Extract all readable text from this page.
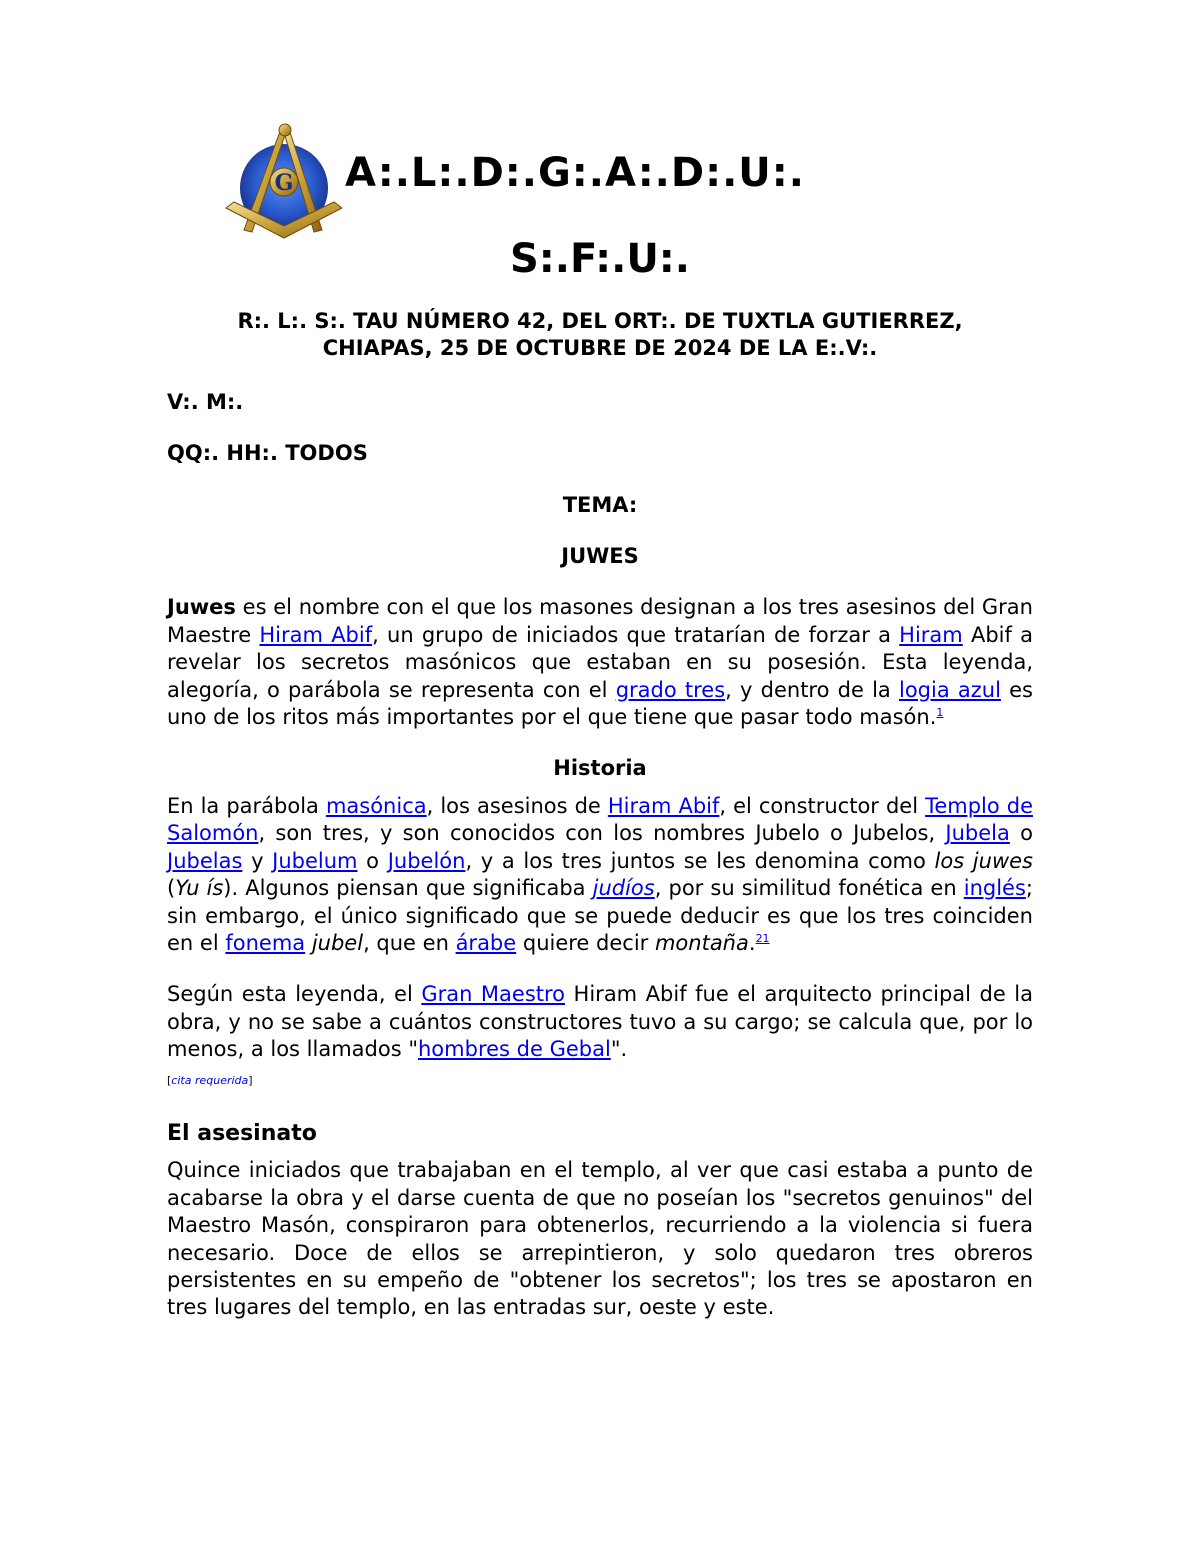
G A:.L:.D:.G:.A:.D:.U:.
S:.F:.U:.

R:. L:. S:. TAU NÚMERO 42, DEL ORT:. DE TUXTLA GUTIERREZ,

CHIAPAS, 25 DE OCTUBRE DE 2024 DE LA E:.V:.

V:. M:.

QQ:. HH:. TODOS

TEMA:

JUWES

Juwes es el nombre con el que los masones designan a los tres asesinos del Gran Maestre Hiram Abif, un grupo de iniciados que tratarían de forzar a Hiram Abif a revelar los secretos masónicos que estaban en su posesión. Esta leyenda, alegoría, o parábola se representa con el grado tres, y dentro de la logia azul es uno de los ritos más importantes por el que tiene que pasar todo masón.$^1$

Historia

En la parábola masónica, los asesinos de Hiram Abif, el constructor del Templo de Salomón, son tres, y son conocidos con los nombres Jubelo o Jubelos, Jubela o Jubelas y Jubelum o Jubelón, y a los tres juntos se les denomina como los juwes (Yu ís). Algunos piensan que significaba judíos, por su similitud fonética en inglés; sin embargo, el único significado que se puede deducir es que los tres coinciden en el fonema jubel, que en árabe quiere decir montaña.$^{21}$

Según esta leyenda, el Gran Maestro Hiram Abif fue el arquitecto principal de la obra, y no se sabe a cuántos constructores tuvo a su cargo; se calcula que, por lo menos, a los llamados "hombres de Gebal".
[cita requerida]

El asesinato

Quince iniciados que trabajaban en el templo, al ver que casi estaba a punto de acabarse la obra y el darse cuenta de que no poseían los "secretos genuinos" del Maestro Masón, conspiraron para obtenerlos, recurriendo a la violencia si fuera necesario. Doce de ellos se arrepintieron, y solo quedaron tres obreros persistentes en su empeño de "obtener los secretos"; los tres se apostaron en tres lugares del templo, en las entradas sur, oeste y este.
